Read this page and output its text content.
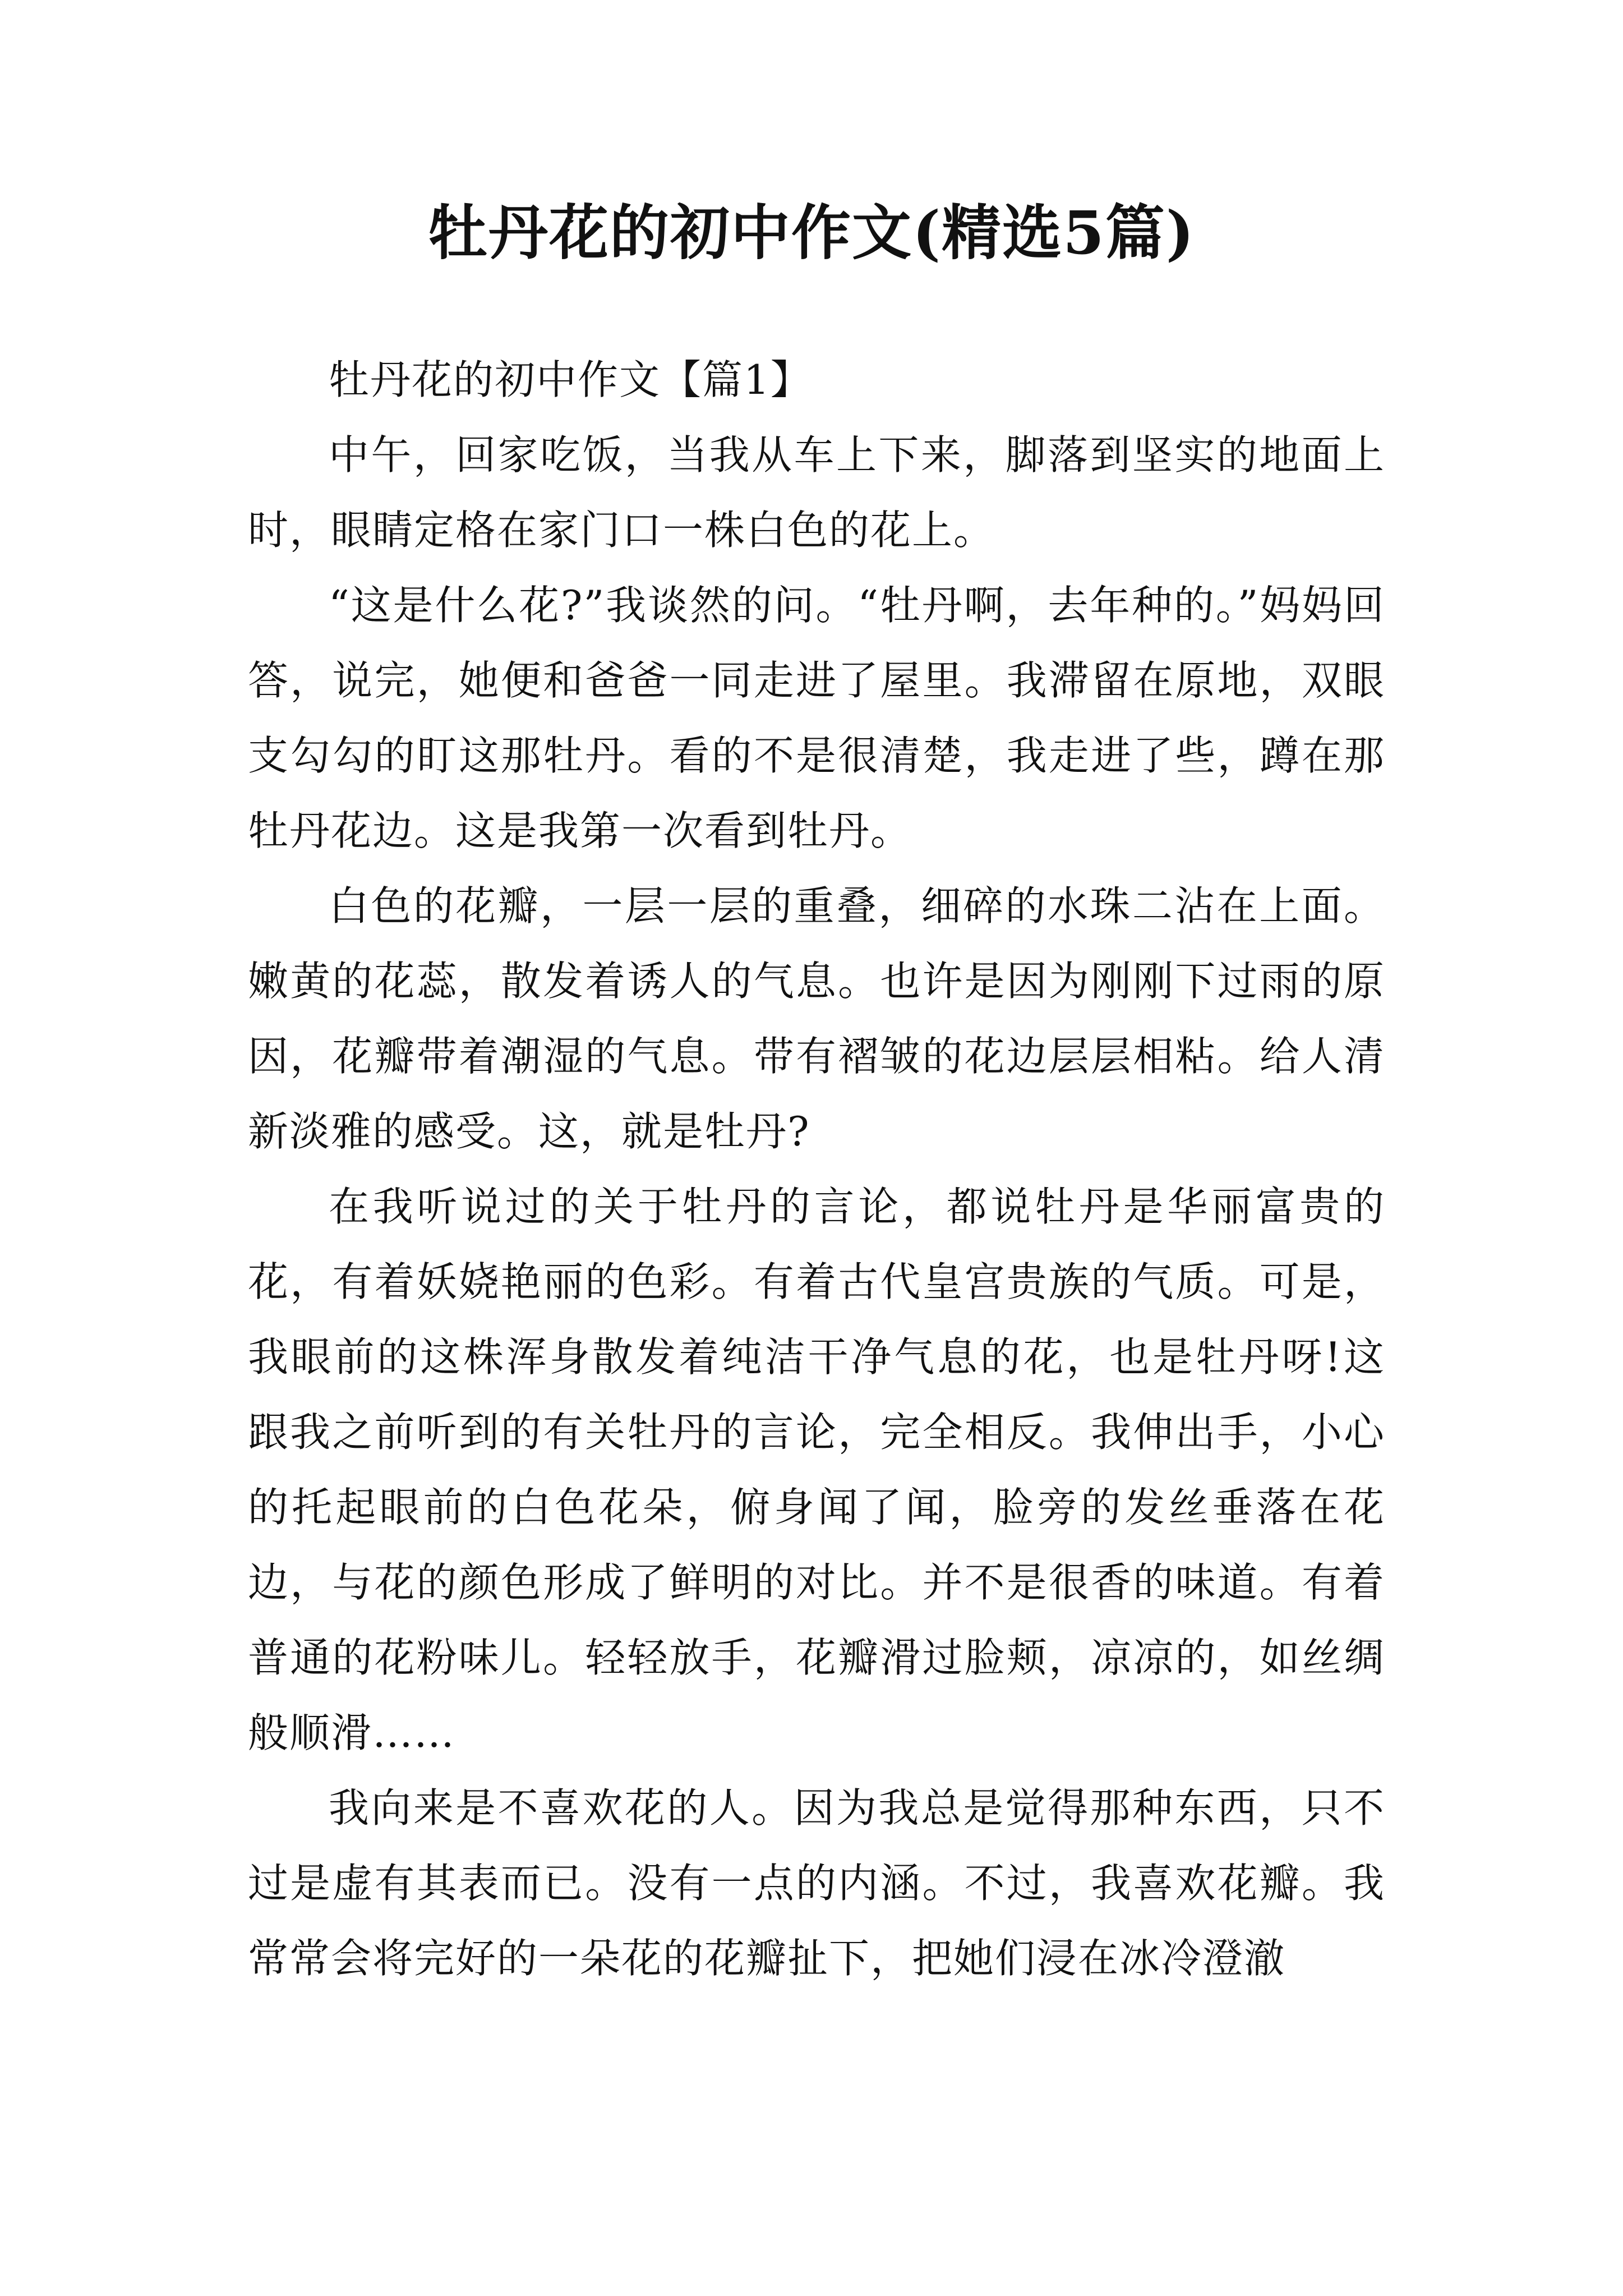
牡丹花的初中作文(精选5篇)

牡丹花的初中作文【篇1】

中午，回家吃饭，当我从车上下来，脚落到坚实的地面上时，眼睛定格在家门口一株白色的花上。

“这是什么花?”我谈然的问。“牡丹啊，去年种的。”妈妈回答，说完，她便和爸爸一同走进了屋里。我滞留在原地，双眼支勾勾的盯这那牡丹。看的不是很清楚，我走进了些，蹲在那牡丹花边。这是我第一次看到牡丹。

白色的花瓣，一层一层的重叠，细碎的水珠二沾在上面。嫩黄的花蕊，散发着诱人的气息。也许是因为刚刚下过雨的原因，花瓣带着潮湿的气息。带有褶皱的花边层层相粘。给人清新淡雅的感受。这，就是牡丹?

在我听说过的关于牡丹的言论，都说牡丹是华丽富贵的花，有着妖娆艳丽的色彩。有着古代皇宫贵族的气质。可是，我眼前的这株浑身散发着纯洁干净气息的花，也是牡丹呀!这跟我之前听到的有关牡丹的言论，完全相反。我伸出手，小心的托起眼前的白色花朵，俯身闻了闻，脸旁的发丝垂落在花边，与花的颜色形成了鲜明的对比。并不是很香的味道。有着普通的花粉味儿。轻轻放手，花瓣滑过脸颊，凉凉的，如丝绸般顺滑……

我向来是不喜欢花的人。因为我总是觉得那种东西，只不过是虚有其表而已。没有一点的内涵。不过，我喜欢花瓣。我常常会将完好的一朵花的花瓣扯下，把她们浸在冰冷澄澈
